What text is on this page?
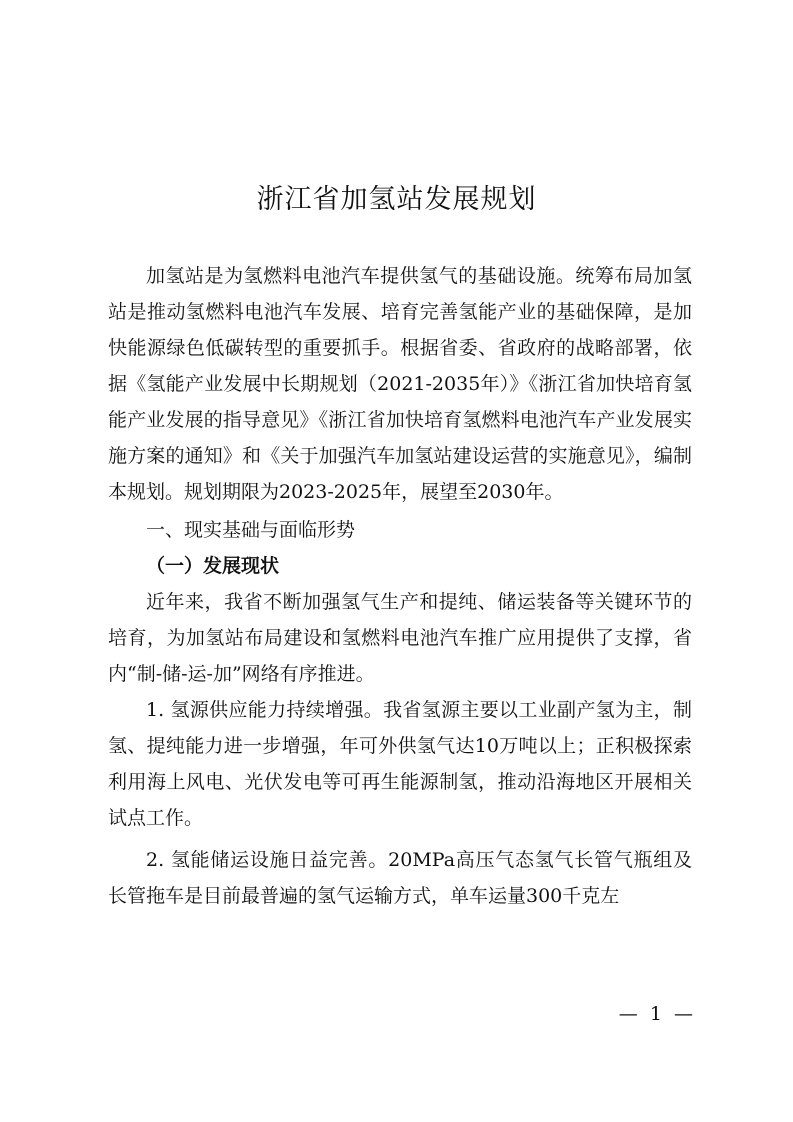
浙江省加氢站发展规划

加氢站是为氢燃料电池汽车提供氢气的基础设施。统筹布局加氢站是推动氢燃料电池汽车发展、培育完善氢能产业的基础保障，是加快能源绿色低碳转型的重要抓手。根据省委、省政府的战略部署，依据《氢能产业发展中长期规划（2021-2035年）》《浙江省加快培育氢能产业发展的指导意见》《浙江省加快培育氢燃料电池汽车产业发展实施方案的通知》和《关于加强汽车加氢站建设运营的实施意见》，编制本规划。规划期限为2023-2025年，展望至2030年。

一、现实基础与面临形势

（一）发展现状

近年来，我省不断加强氢气生产和提纯、储运装备等关键环节的培育，为加氢站布局建设和氢燃料电池汽车推广应用提供了支撑，省内“制-储-运-加”网络有序推进。

1. 氢源供应能力持续增强。我省氢源主要以工业副产氢为主，制氢、提纯能力进一步增强，年可外供氢气达10万吨以上；正积极探索利用海上风电、光伏发电等可再生能源制氢，推动沿海地区开展相关试点工作。

2. 氢能储运设施日益完善。20MPa高压气态氢气长管气瓶组及长管拖车是目前最普遍的氢气运输方式，单车运量300千克左

—  1  —
